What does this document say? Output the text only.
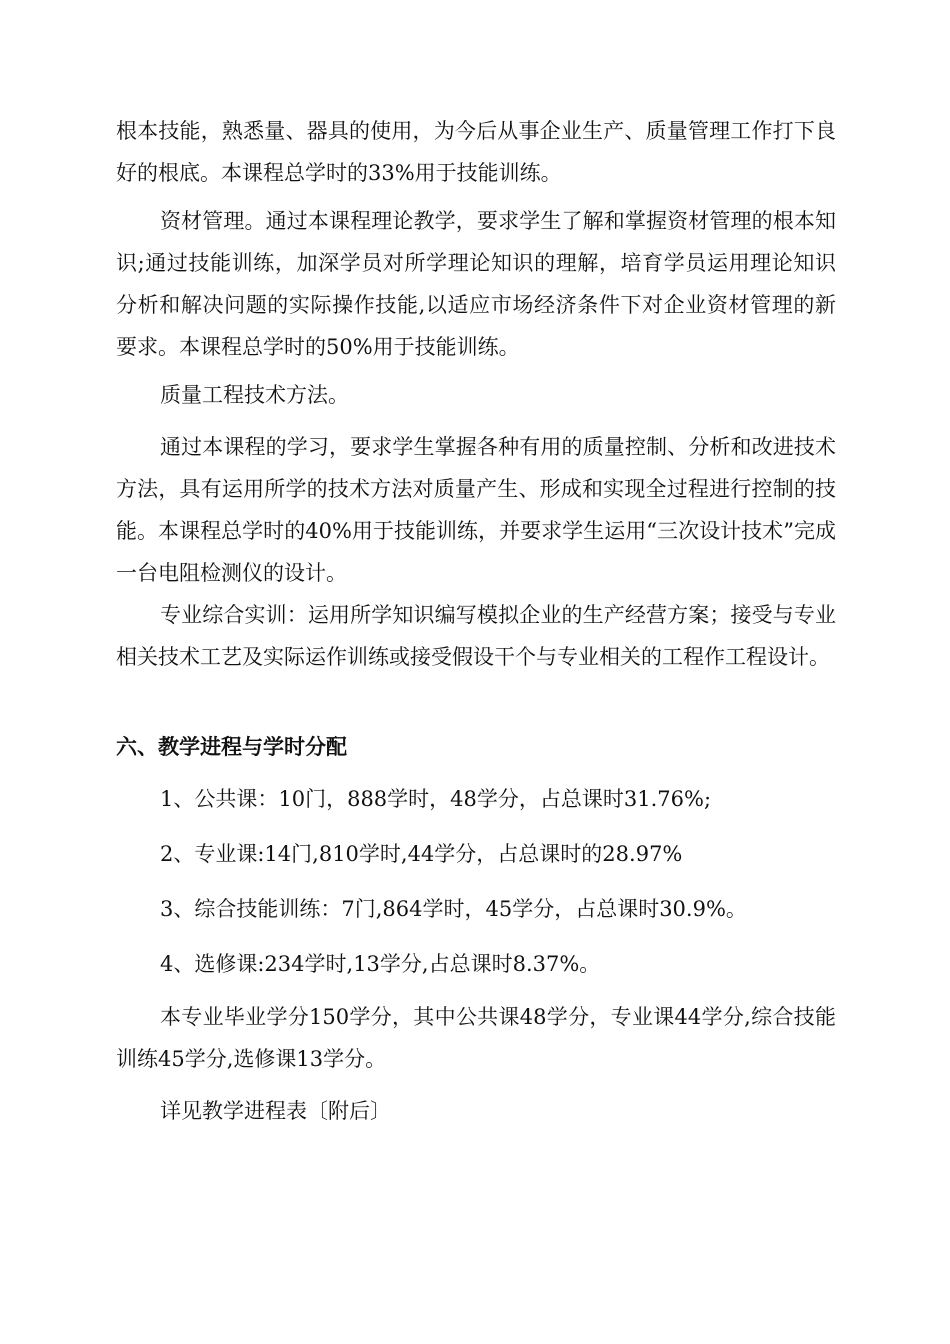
根本技能，熟悉量、器具的使用，为今后从事企业生产、质量管理工作打下良好的根底。本课程总学时的33%用于技能训练。

资材管理。通过本课程理论教学，要求学生了解和掌握资材管理的根本知识;通过技能训练，加深学员对所学理论知识的理解，培育学员运用理论知识分析和解决问题的实际操作技能,以适应市场经济条件下对企业资材管理的新要求。本课程总学时的50%用于技能训练。

质量工程技术方法。

通过本课程的学习，要求学生掌握各种有用的质量控制、分析和改进技术方法，具有运用所学的技术方法对质量产生、形成和实现全过程进行控制的技能。本课程总学时的40%用于技能训练，并要求学生运用“三次设计技术”完成一台电阻检测仪的设计。

专业综合实训：运用所学知识编写模拟企业的生产经营方案；接受与专业相关技术工艺及实际运作训练或接受假设干个与专业相关的工程作工程设计。

六、教学进程与学时分配

1、公共课：10门，888学时，48学分，占总课时31.76%;

2、专业课:14门,810学时,44学分，占总课时的28.97%

3、综合技能训练：7门,864学时，45学分，占总课时30.9%。

4、选修课:234学时,13学分,占总课时8.37%。

本专业毕业学分150学分，其中公共课48学分，专业课44学分,综合技能训练45学分,选修课13学分。

详见教学进程表〔附后〕
